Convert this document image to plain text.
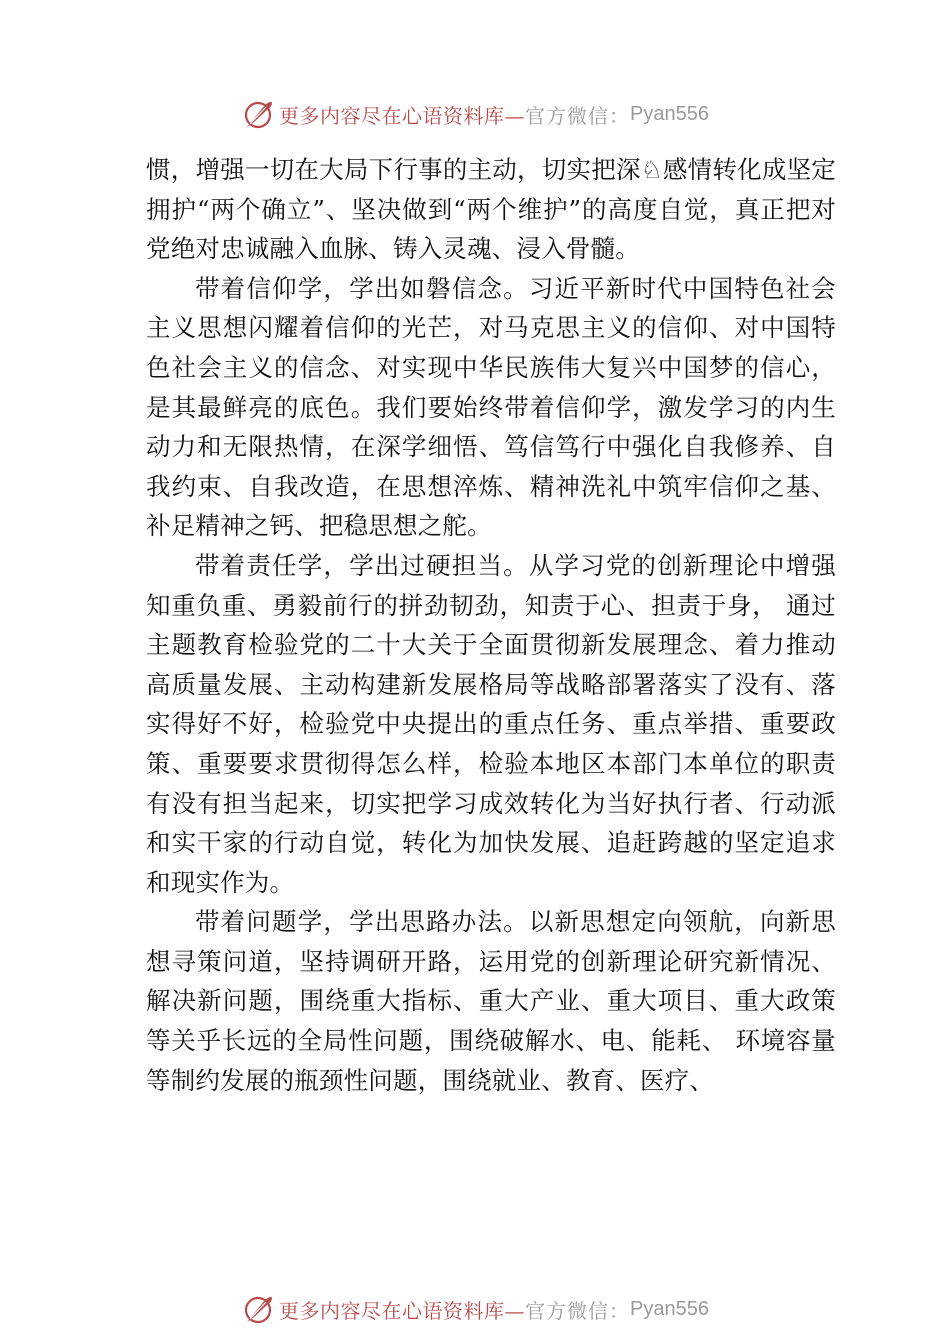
更多内容尽在心语资料库— 官方微信： Pyan556

惯，增强一切在大局下行事的主动，切实把深♘感情转化成坚定拥护“两个确立”、坚决做到“两个维护”的高度自觉，真正把对党绝对忠诚融入血脉、铸入灵魂、浸入骨髓。

带着信仰学，学出如磐信念。习近平新时代中国特色社会主义思想闪耀着信仰的光芒，对马克思主义的信仰、对中国特色社会主义的信念、对实现中华民族伟大复兴中国梦的信心，是其最鲜亮的底色。我们要始终带着信仰学，激发学习的内生动力和无限热情，在深学细悟、笃信笃行中强化自我修养、自我约束、自我改造，在思想淬炼、精神洗礼中筑牢信仰之基、补足精神之钙、把稳思想之舵。

带着责任学，学出过硬担当。从学习党的创新理论中增强知重负重、勇毅前行的拼劲韧劲，知责于心、担责于身， 通过主题教育检验党的二十大关于全面贯彻新发展理念、着力推动高质量发展、主动构建新发展格局等战略部署落实了没有、落实得好不好，检验党中央提出的重点任务、重点举措、重要政策、重要要求贯彻得怎么样，检验本地区本部门本单位的职责有没有担当起来，切实把学习成效转化为当好执行者、行动派和实干家的行动自觉，转化为加快发展、追赶跨越的坚定追求和现实作为。

带着问题学，学出思路办法。以新思想定向领航，向新思想寻策问道，坚持调研开路，运用党的创新理论研究新情况、解决新问题，围绕重大指标、重大产业、重大项目、重大政策等关乎长远的全局性问题，围绕破解水、电、能耗、 环境容量等制约发展的瓶颈性问题，围绕就业、教育、医疗、

更多内容尽在心语资料库— 官方微信： Pyan556
